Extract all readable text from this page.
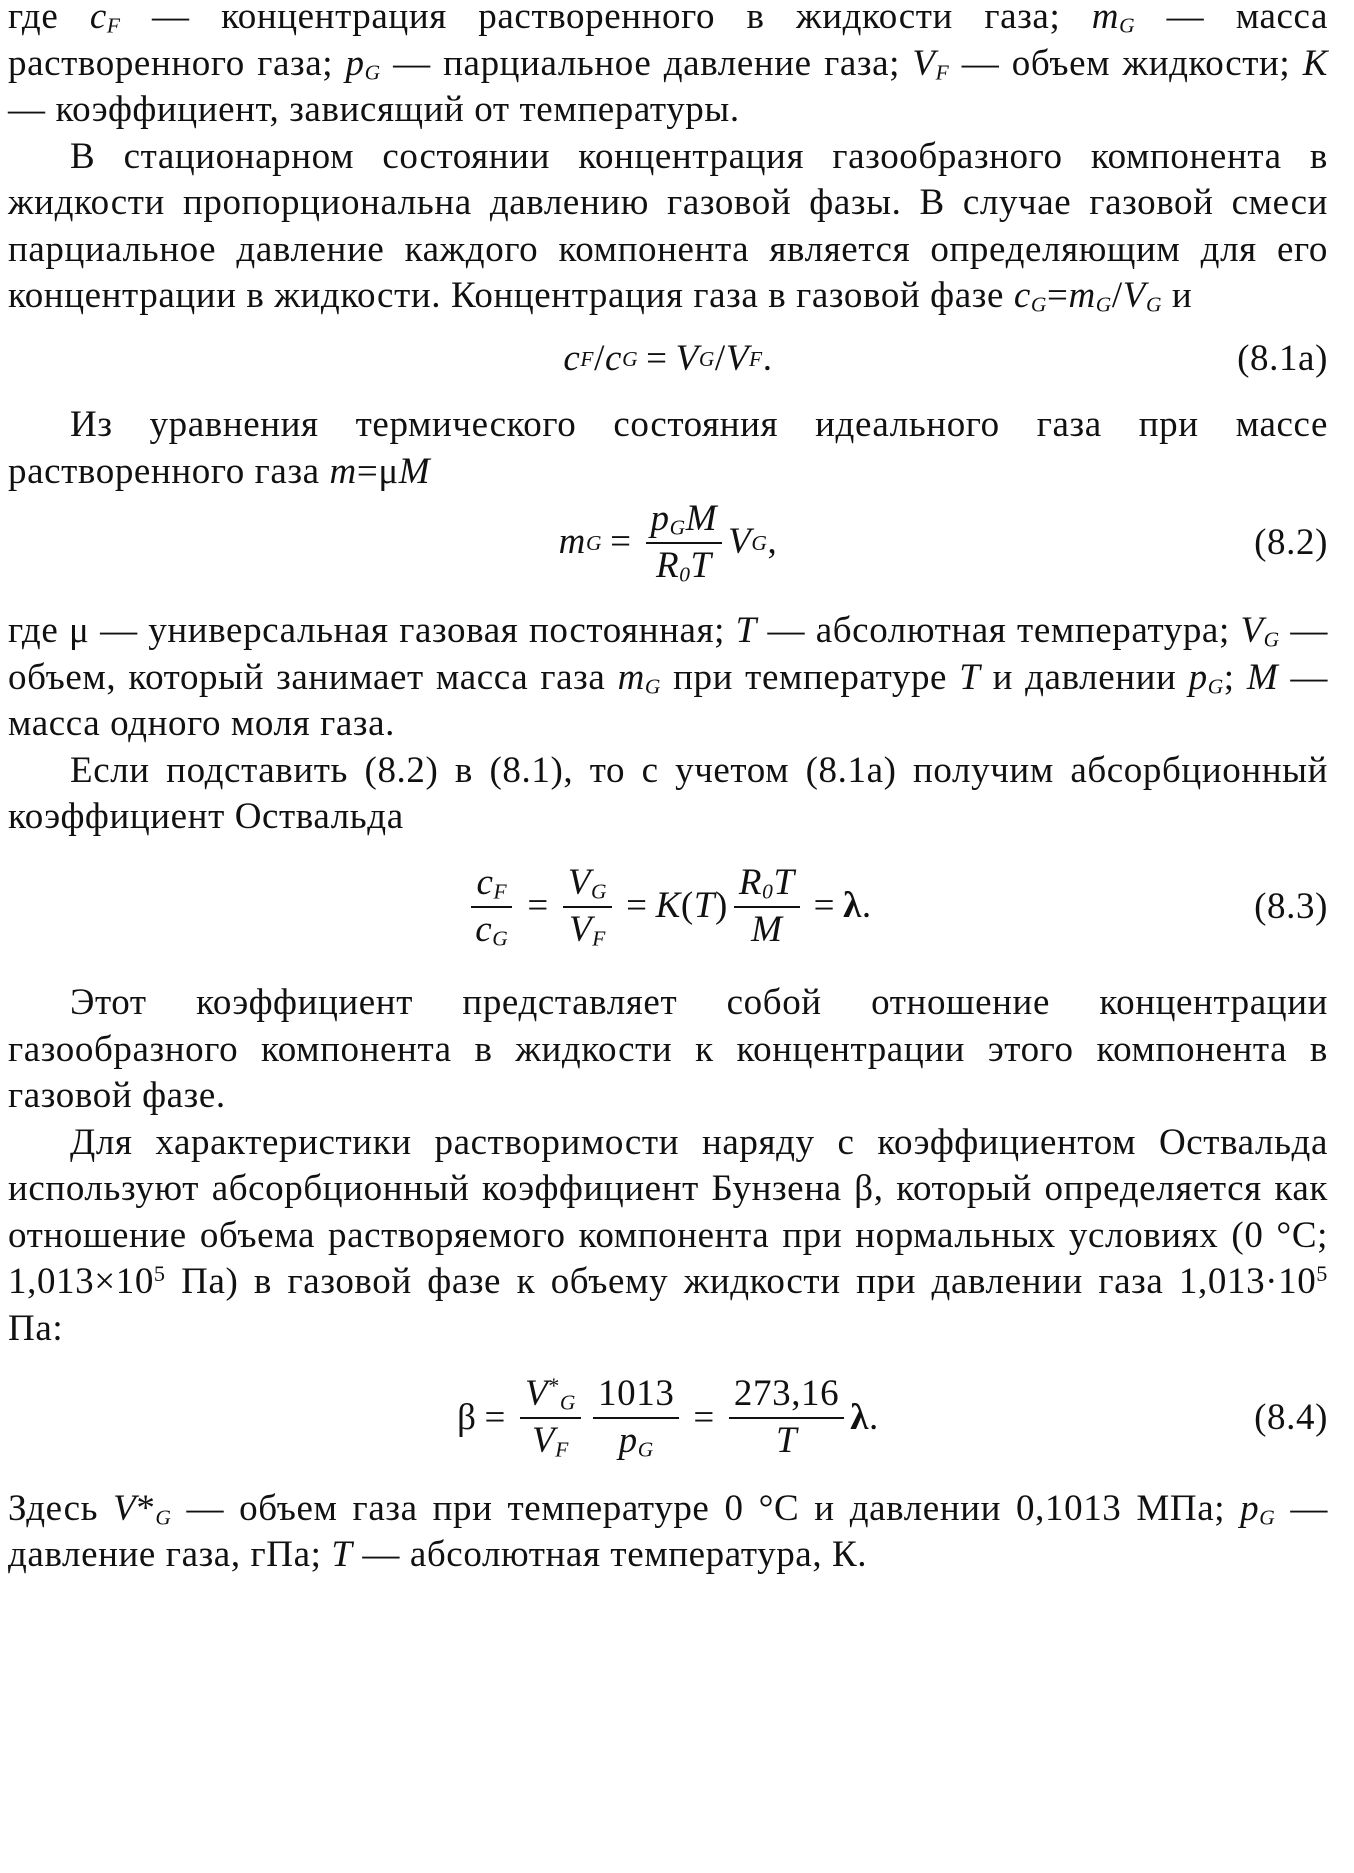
где $c_F$ — концентрация растворенного в жидкости газа; $m_G$ — масса растворенного газа; $p_G$ — парциальное давление газа; $V_F$ — объем жидкости; K — коэффициент, зависящий от температуры.

В стационарном состоянии концентрация газообразного компонента в жидкости пропорциональна давлению газовой фазы. В случае газовой смеси парциальное давление каждого компонента является определяющим для его концентрации в жидкости. Концентрация газа в газовой фазе $c_G=m_G/V_G$ и

c F / c G = V G / V F .	(8.1а)

Из уравнения термического состояния идеального газа при массе растворенного газа m=μM

m $G = \frac{p_GM}{R_0T}$ V G ,	(8.2)

где μ — универсальная газовая постоянная; T — абсолютная температура; $V_G$ — объем, который занимает масса газа $m_G$ при температуре T и давлении $p_G$; M — масса одного моля газа.

Если подставить (8.2) в (8.1), то с учетом (8.1а) получим абсорбционный коэффициент Оствальда

$\frac{c_F}{c_G} = \frac{V_G}{V_F} = K$ ( T ) $\frac{R_0T}{M} = \lambda$ .	(8.3)

Этот коэффициент представляет собой отношение концентрации газообразного компонента в жидкости к концентрации этого компонента в газовой фазе.

Для характеристики растворимости наряду с коэффициентом Оствальда используют абсорбционный коэффициент Бунзена β, который определяется как отношение объема растворяемого компонента при нормальных условиях (0 °C; $1,013\times 10^5$ Па) в газовой фазе к объему жидкости при давлении газа $1,013\cdot 10^5$ Па:

$\beta = \frac{V^*_G}{V_F} \frac{1013}{p_G} = \frac{273,16}{T}$ λ .	(8.4)

Здесь $V*_G$ — объем газа при температуре 0 °C и давлении 0,1013 МПа; $p_G$ — давление газа, гПа; T — абсолютная температура, К.
